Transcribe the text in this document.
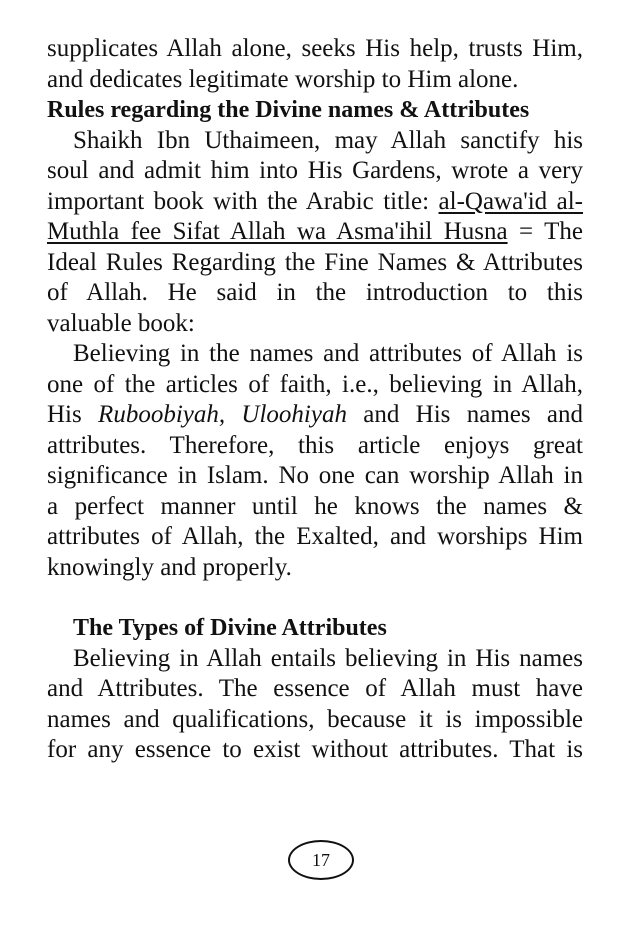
supplicates Allah alone, seeks His help, trusts Him,
and dedicates legitimate worship to Him alone.
Rules regarding the Divine names & Attributes
Shaikh Ibn Uthaimeen, may Allah sanctify his
soul and admit him into His Gardens, wrote a very
important book with the Arabic title: al-Qawa'id al-
Muthla fee Sifat Allah wa Asma'ihil Husna = The
Ideal Rules Regarding the Fine Names & Attributes
of Allah. He said in the introduction to this
valuable book:
Believing in the names and attributes of Allah is
one of the articles of faith, i.e., believing in Allah,
His Ruboobiyah, Uloohiyah and His names and
attributes. Therefore, this article enjoys great
significance in Islam. No one can worship Allah in
a perfect manner until he knows the names &
attributes of Allah, the Exalted, and worships Him
knowingly and properly.
The Types of Divine Attributes
Believing in Allah entails believing in His names
and Attributes. The essence of Allah must have
names and qualifications, because it is impossible
for any essence to exist without attributes. That is
17
